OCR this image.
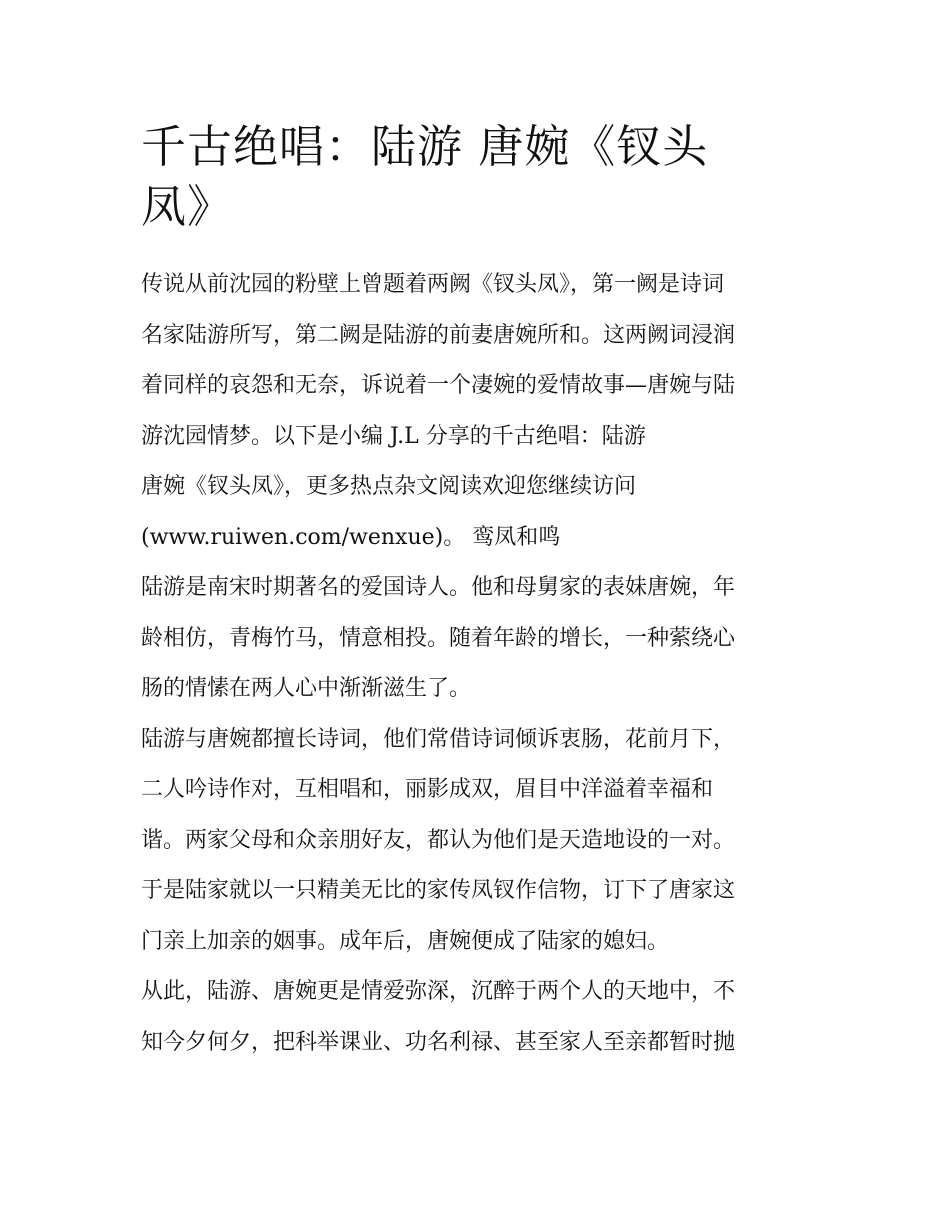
千古绝唱：陆游 唐婉《钗头
凤》

传说从前沈园的粉壁上曾题着两阙《钗头凤》，第一阙是诗词

名家陆游所写，第二阙是陆游的前妻唐婉所和。这两阙词浸润

着同样的哀怨和无奈，诉说着一个凄婉的爱情故事—唐婉与陆

游沈园情梦。以下是小编 J.L 分享的千古绝唱：陆游

唐婉《钗头凤》，更多热点杂文阅读欢迎您继续访问

(www.ruiwen.com/wenxue)。 鸾凤和鸣

陆游是南宋时期著名的爱国诗人。他和母舅家的表妹唐婉，年

龄相仿，青梅竹马，情意相投。随着年龄的增长，一种萦绕心

肠的情愫在两人心中渐渐滋生了。

陆游与唐婉都擅长诗词，他们常借诗词倾诉衷肠，花前月下，

二人吟诗作对，互相唱和，丽影成双，眉目中洋溢着幸福和

谐。两家父母和众亲朋好友，都认为他们是天造地设的一对。

于是陆家就以一只精美无比的家传凤钗作信物，订下了唐家这

门亲上加亲的姻事。成年后，唐婉便成了陆家的媳妇。

从此，陆游、唐婉更是情爱弥深，沉醉于两个人的天地中，不

知今夕何夕，把科举课业、功名利禄、甚至家人至亲都暂时抛
